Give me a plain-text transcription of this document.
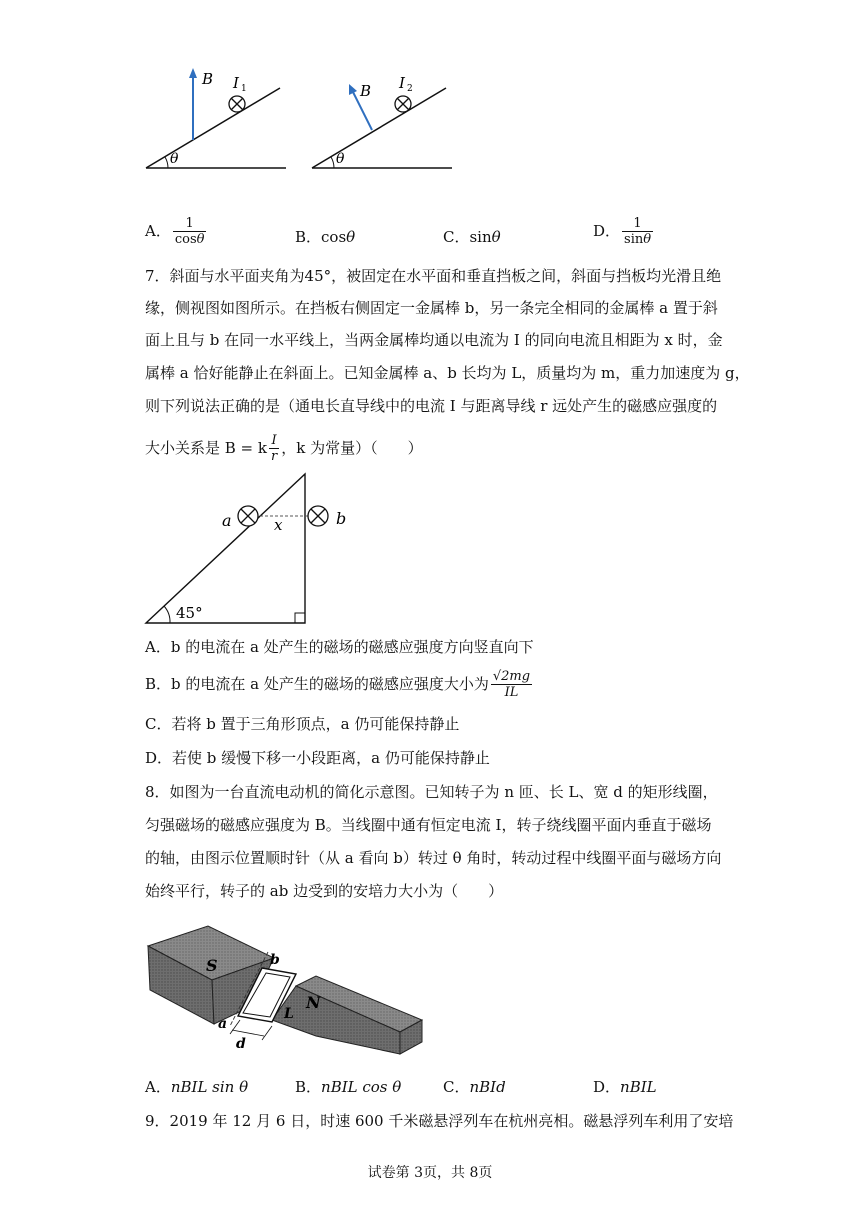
B I 1
θ
B I 2
θ
A． $\frac{1}{\cos\theta}$	B．cosθ	C．sinθ	D． $\frac{1}{\sin\theta}$
7．斜面与水平面夹角为45°，被固定在水平面和垂直挡板之间，斜面与挡板均光滑且绝
缘，侧视图如图所示。在挡板右侧固定一金属棒 b，另一条完全相同的金属棒 a 置于斜
面上且与 b 在同一水平线上，当两金属棒均通以电流为 I 的同向电流且相距为 x 时，金
属棒 a 恰好能静止在斜面上。已知金属棒 a、b 长均为 L，质量均为 m，重力加速度为 g，
则下列说法正确的是（通电长直导线中的电流 I 与距离导线 r 远处产生的磁感应强度的
大小关系是 B = k $\frac{I}{r}$ ，k 为常量）（　　）
a	b
x
45°
A．b 的电流在 a 处产生的磁场的磁感应强度方向竖直向下
B．b 的电流在 a 处产生的磁场的磁感应强度大小为 $\frac{√2mg}{IL}$
C．若将 b 置于三角形顶点，a 仍可能保持静止
D．若使 b 缓慢下移一小段距离，a 仍可能保持静止
8．如图为一台直流电动机的简化示意图。已知转子为 n 匝、长 L、宽 d 的矩形线圈，
匀强磁场的磁感应强度为 B。当线圈中通有恒定电流 I，转子绕线圈平面内垂直于磁场
的轴，由图示位置顺时针（从 a 看向 b）转过 θ 角时，转动过程中线圈平面与磁场方向
始终平行，转子的 ab 边受到的安培力大小为（　　）
S
N
b
a
d
L
A．nBIL sin θ	B．nBIL cos θ	C．nBId	D．nBIL
9．2019 年 12 月 6 日，时速 600 千米磁悬浮列车在杭州亮相。磁悬浮列车利用了安培
试卷第 3页，共 8页
